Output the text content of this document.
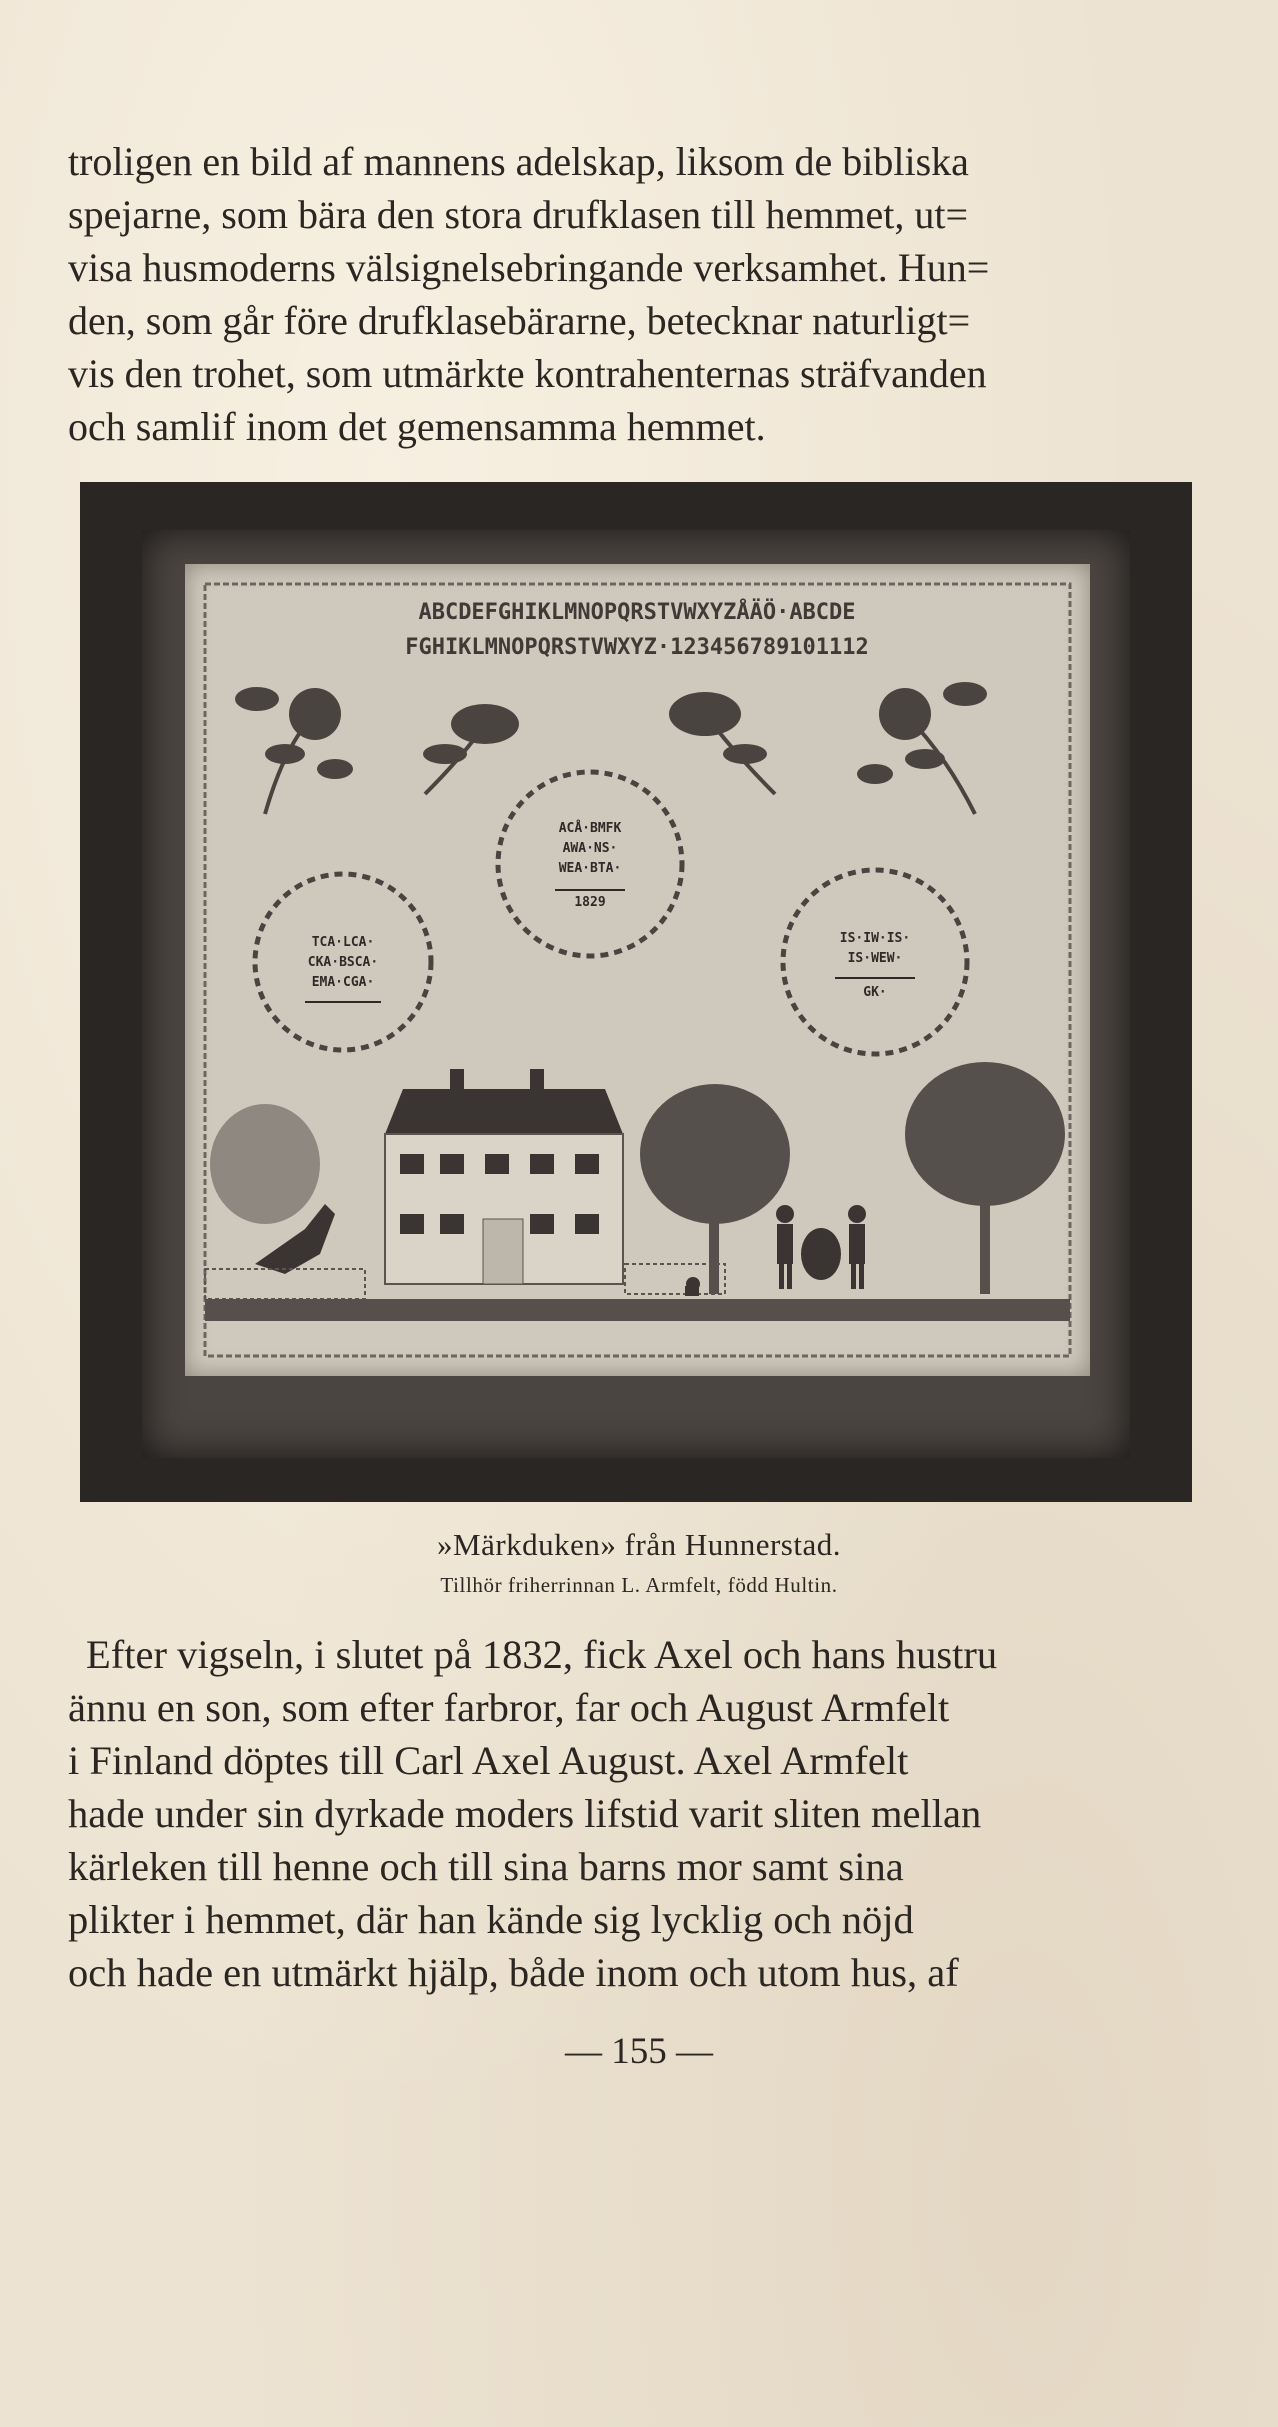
troligen en bild af mannens adelskap, liksom de bibliska
spejarne, som bära den stora drufklasen till hemmet, ut=
visa husmoderns välsignelsebringande verksamhet. Hun=
den, som går före drufklasebärarne, betecknar naturligt=
vis den trohet, som utmärkte kontrahenternas sträfvanden
och samlif inom det gemensamma hemmet.
ABCDEFGHIKLMNOPQRSTVWXYZÅÄÖ·ABCDE
FGHIKLMNOPQRSTVWXYZ·123456789101112
ACÅ·BMFK
AWA·NS·
WEA·BTA·
1829
TCA·LCA·
CKA·BSCA·
EMA·CGA·
IS·IW·IS·
IS·WEW·
GK·
»Märkduken» från Hunnerstad.
Tillhör friherrinnan L. Armfelt, född Hultin.
Efter vigseln, i slutet på 1832, fick Axel och hans hustru
ännu en son, som efter farbror, far och August Armfelt
i Finland döptes till Carl Axel August. Axel Armfelt
hade under sin dyrkade moders lifstid varit sliten mellan
kärleken till henne och till sina barns mor samt sina
plikter i hemmet, där han kände sig lycklig och nöjd
och hade en utmärkt hjälp, både inom och utom hus, af
— 155 —
